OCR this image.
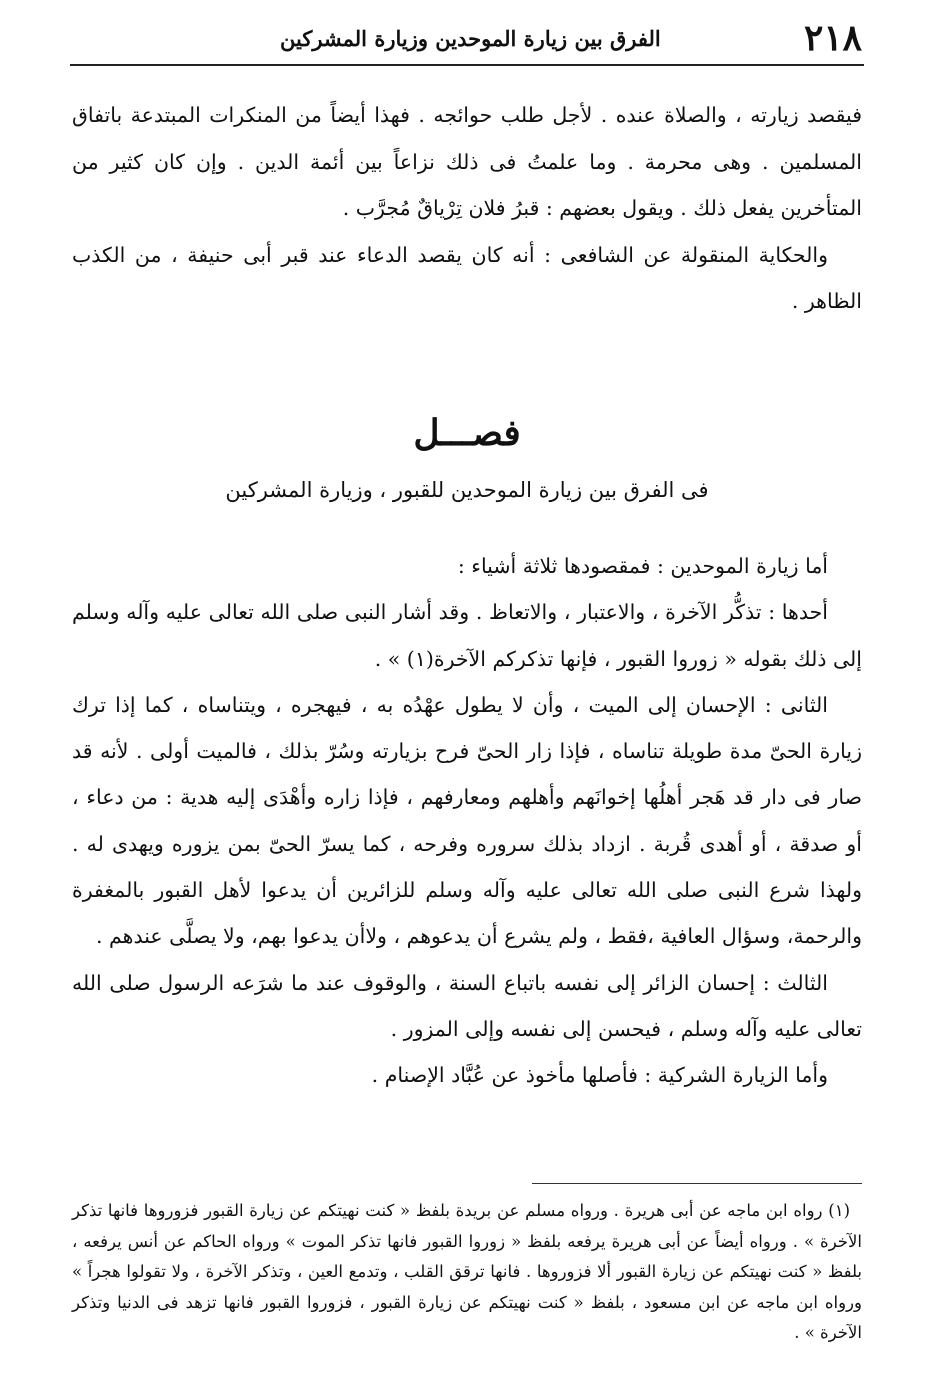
٢١٨
الفرق بين زيارة الموحدين وزيارة المشركين

فيقصد زيارته ، والصلاة عنده . لأجل طلب حوائجه . فهذا أيضاً من المنكرات المبتدعة باتفاق المسلمين . وهى محرمة . وما علمتُ فى ذلك نزاعاً بين أئمة الدين . وإن كان كثير من المتأخرين يفعل ذلك . ويقول بعضهم : قبرُ فلان تِرْياقٌ مُجرَّب .

والحكاية المنقولة عن الشافعى : أنه كان يقصد الدعاء عند قبر أبى حنيفة ، من الكذب الظاهر .

فصـــل
فى الفرق بين زيارة الموحدين للقبور ، وزيارة المشركين

أما زيارة الموحدين : فمقصودها ثلاثة أشياء :

أحدها : تذكُّر الآخرة ، والاعتبار ، والاتعاظ . وقد أشار النبى صلى الله تعالى عليه وآله وسلم إلى ذلك بقوله « زوروا القبور ، فإنها تذكركم الآخرة(١) » .

الثانى : الإحسان إلى الميت ، وأن لا يطول عهْدُه به ، فيهجره ، ويتناساه ، كما إذا ترك زيارة الحىّ مدة طويلة تناساه ، فإذا زار الحىّ فرح بزيارته وسُرّ بذلك ، فالميت أولى . لأنه قد صار فى دار قد هَجر أهلُها إخوانَهم وأهلهم ومعارفهم ، فإذا زاره وأهْدَى إليه هدية : من دعاء ، أو صدقة ، أو أهدى قُربة . ازداد بذلك سروره وفرحه ، كما يسرّ الحىّ بمن يزوره ويهدى له . ولهذا شرع النبى صلى الله تعالى عليه وآله وسلم للزائرين أن يدعوا لأهل القبور بالمغفرة والرحمة، وسؤال العافية ،فقط ، ولم يشرع أن يدعوهم ، ولاأن يدعوا بهم، ولا يصلَّى عندهم .

الثالث : إحسان الزائر إلى نفسه باتباع السنة ، والوقوف عند ما شرَعه الرسول صلى الله تعالى عليه وآله وسلم ، فيحسن إلى نفسه وإلى المزور .

وأما الزيارة الشركية : فأصلها مأخوذ عن عُبَّاد الإصنام .

(١) رواه ابن ماجه عن أبى هريرة . ورواه مسلم عن بريدة بلفظ « كنت نهيتكم عن زيارة القبور فزوروها فانها تذكر الآخرة » . ورواه أيضاً عن أبى هريرة يرفعه بلفظ « زوروا القبور فانها تذكر الموت » ورواه الحاكم عن أنس يرفعه ، بلفظ « كنت نهيتكم عن زيارة القبور ألا فزوروها . فانها ترقق القلب ، وتدمع العين ، وتذكر الآخرة ، ولا تقولوا هجراً » ورواه ابن ماجه عن ابن مسعود ، بلفظ « كنت نهيتكم عن زيارة القبور ، فزوروا القبور فانها تزهد فى الدنيا وتذكر الآخرة » .
